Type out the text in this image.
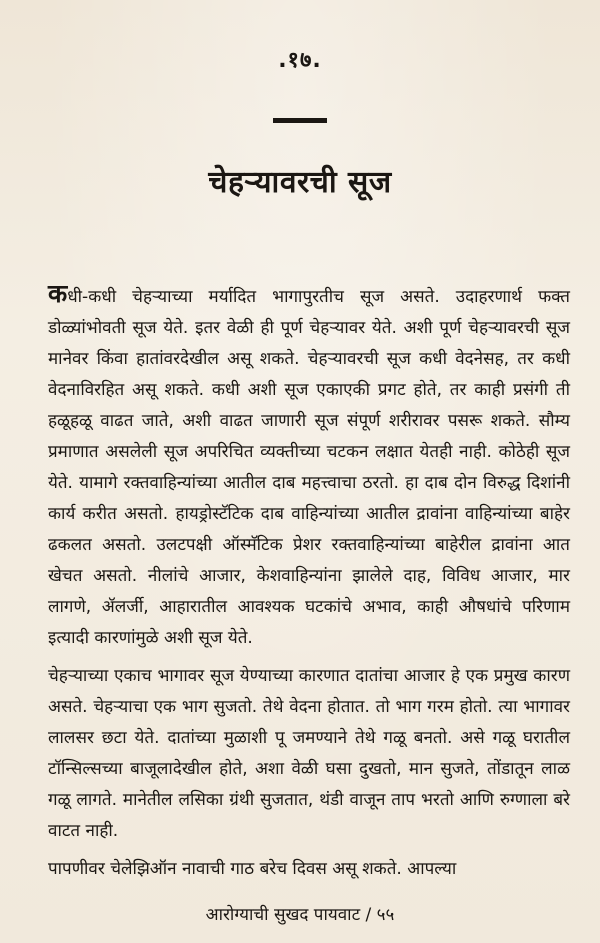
.१७.
चेहऱ्यावरची सूज

कधी-कधी चेहऱ्याच्या मर्यादित भागापुरतीच सूज असते. उदाहरणार्थ फक्त डोळ्यांभोवती सूज येते. इतर वेळी ही पूर्ण चेहऱ्यावर येते. अशी पूर्ण चेहऱ्यावरची सूज मानेवर किंवा हातांवरदेखील असू शकते. चेहऱ्यावरची सूज कधी वेदनेसह, तर कधी वेदनाविरहित असू शकते. कधी अशी सूज एकाएकी प्रगट होते, तर काही प्रसंगी ती हळूहळू वाढत जाते, अशी वाढत जाणारी सूज संपूर्ण शरीरावर पसरू शकते. सौम्य प्रमाणात असलेली सूज अपरिचित व्यक्तीच्या चटकन लक्षात येतही नाही. कोठेही सूज येते. यामागे रक्तवाहिन्यांच्या आतील दाब महत्त्वाचा ठरतो. हा दाब दोन विरुद्ध दिशांनी कार्य करीत असतो. हायड्रोस्टॅटिक दाब वाहिन्यांच्या आतील द्रावांना वाहिन्यांच्या बाहेर ढकलत असतो. उलटपक्षी ऑस्मॅटिक प्रेशर रक्तवाहिन्यांच्या बाहेरील द्रावांना आत खेचत असतो. नीलांचे आजार, केशवाहिन्यांना झालेले दाह, विविध आजार, मार लागणे, ॲलर्जी, आहारातील आवश्यक घटकांचे अभाव, काही औषधांचे परिणाम इत्यादी कारणांमुळे अशी सूज येते.

चेहऱ्याच्या एकाच भागावर सूज येण्याच्या कारणात दातांचा आजार हे एक प्रमुख कारण असते. चेहऱ्याचा एक भाग सुजतो. तेथे वेदना होतात. तो भाग गरम होतो. त्या भागावर लालसर छटा येते. दातांच्या मुळाशी पू जमण्याने तेथे गळू बनतो. असे गळू घरातील टॉन्सिल्सच्या बाजूलादेखील होते, अशा वेळी घसा दुखतो, मान सुजते, तोंडातून लाळ गळू लागते. मानेतील लसिका ग्रंथी सुजतात, थंडी वाजून ताप भरतो आणि रुग्णाला बरे वाटत नाही.

पापणीवर चेलेझिऑन नावाची गाठ बरेच दिवस असू शकते. आपल्या

आरोग्याची सुखद पायवाट / ५५
